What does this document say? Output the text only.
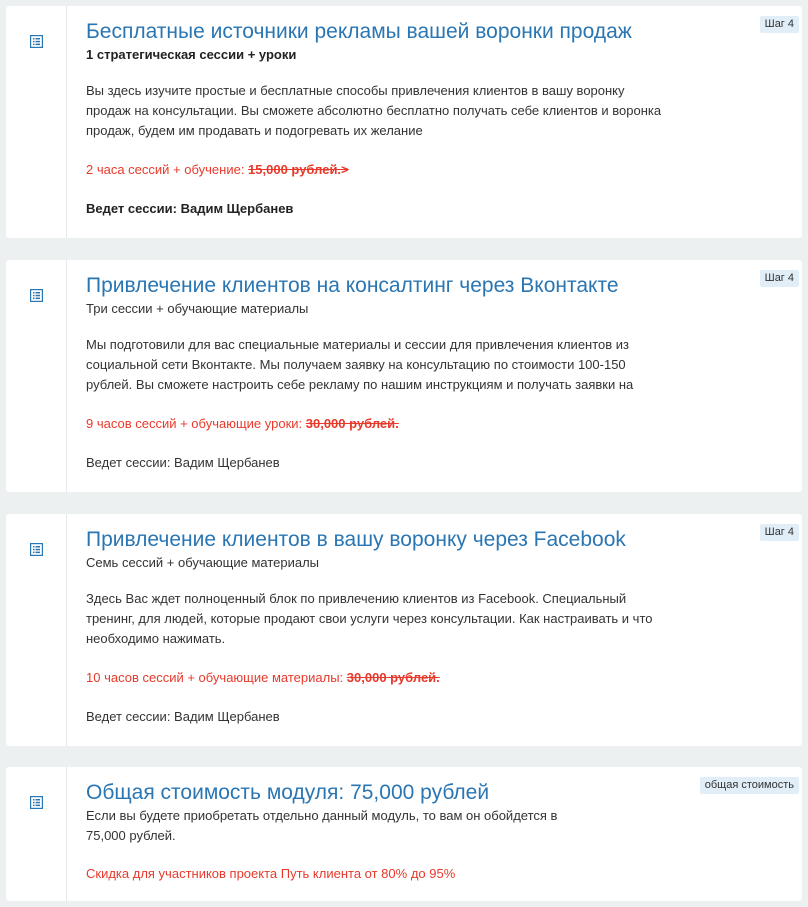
Бесплатные источники рекламы вашей воронки продаж
1 стратегическая сессии + уроки
Вы здесь изучите простые и бесплатные способы привлечения клиентов в вашу воронку продаж на консультации. Вы сможете абсолютно бесплатно получать себе клиентов и воронка продаж, будем им продавать и подогревать их желание
2 часа сессий + обучение: 15,000 рублей.>
Ведет сессии: Вадим Щербанев
Шаг 4
Привлечение клиентов на консалтинг через Вконтакте
Три сессии + обучающие материалы
Мы подготовили для вас специальные материалы и сессии для привлечения клиентов из социальной сети Вконтакте. Мы получаем заявку на консультацию по стоимости 100-150 рублей. Вы сможете настроить себе рекламу по нашим инструкциям и получать заявки на
9 часов сессий + обучающие уроки: 30,000 рублей.
Ведет сессии: Вадим Щербанев
Шаг 4
Привлечение клиентов в вашу воронку через Facebook
Семь сессий + обучающие материалы
Здесь Вас ждет полноценный блок по привлечению клиентов из Facebook. Специальный тренинг, для людей, которые продают свои услуги через консультации. Как настраивать и что необходимо нажимать.
10 часов сессий + обучающие материалы: 30,000 рублей.
Ведет сессии: Вадим Щербанев
Шаг 4
Общая стоимость модуля: 75,000 рублей
Если вы будете приобретать отдельно данный модуль, то вам он обойдется в 75,000 рублей.
Скидка для участников проекта Путь клиента от 80% до 95%
общая стоимость
